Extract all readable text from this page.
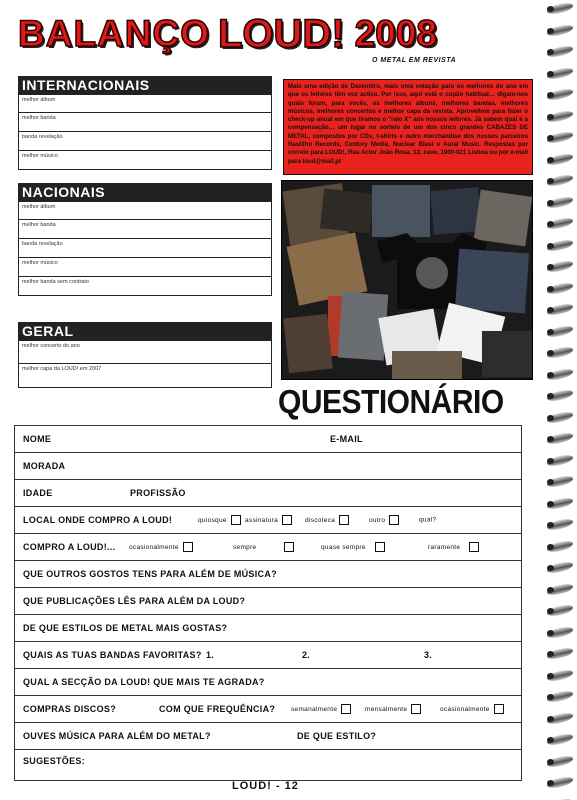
BALANÇO LOUD! 2008
O METAL EM REVISTA
INTERNACIONAIS
melhor álbum
melhor banda
banda revelação
melhor músico
NACIONAIS
melhor álbum
melhor banda
banda revelação
melhor músico
melhor banda sem contrato
GERAL
melhor concerto do ano
melhor capa da LOUD! em 2007
Mais uma edição de Dezembro, mais uma votação para os melhores do ano em que os leitores têm voz activa. Por isso, aqui está o cupão habitual… digam-nos quais foram, para vocês, os melhores álbuns, melhores bandas, melhores músicos, melhores concertos e melhor capa da revista. Aproveitem para fazer o check-up anual em que tiramos o "raio X" aos nossos leitores. Já sabem qual é a compensação… um lugar no sorteio de um dos cinco grandes CABAZES DE METAL, compostos por CDs, t-shirts e outro merchandise dos nossos parceiros Rastilho Records, Century Media, Nuclear Blast e Aural Music. Respostas por correio para LOUD!, Rua Actor João Rosa, 12, cave, 1900-021 Lisboa ou por e-mail para loud@mail.pt
QUESTIONÁRIO
NOME	E-MAIL
MORADA
IDADE	PROFISSÃO
LOCAL ONDE COMPRO A LOUD!	quiosque	assinatura	discoteca	outro	qual?
COMPRO A LOUD!... ocasionalmente	sempre	quase sempre	raramente
QUE OUTROS GOSTOS TENS PARA ALÉM DE MÚSICA?
QUE PUBLICAÇÕES LÊS PARA ALÉM DA LOUD?
DE QUE ESTILOS DE METAL MAIS GOSTAS?
QUAIS AS TUAS BANDAS FAVORITAS? 1.	2.	3.
QUAL A SECÇÃO DA LOUD! QUE MAIS TE AGRADA?
COMPRAS DISCOS?	COM QUE FREQUÊNCIA? semanalmente	mensalmente	ocasionalmente
OUVES MÚSICA PARA ALÉM DO METAL?	DE QUE ESTILO?
SUGESTÕES:
LOUD! - 12
